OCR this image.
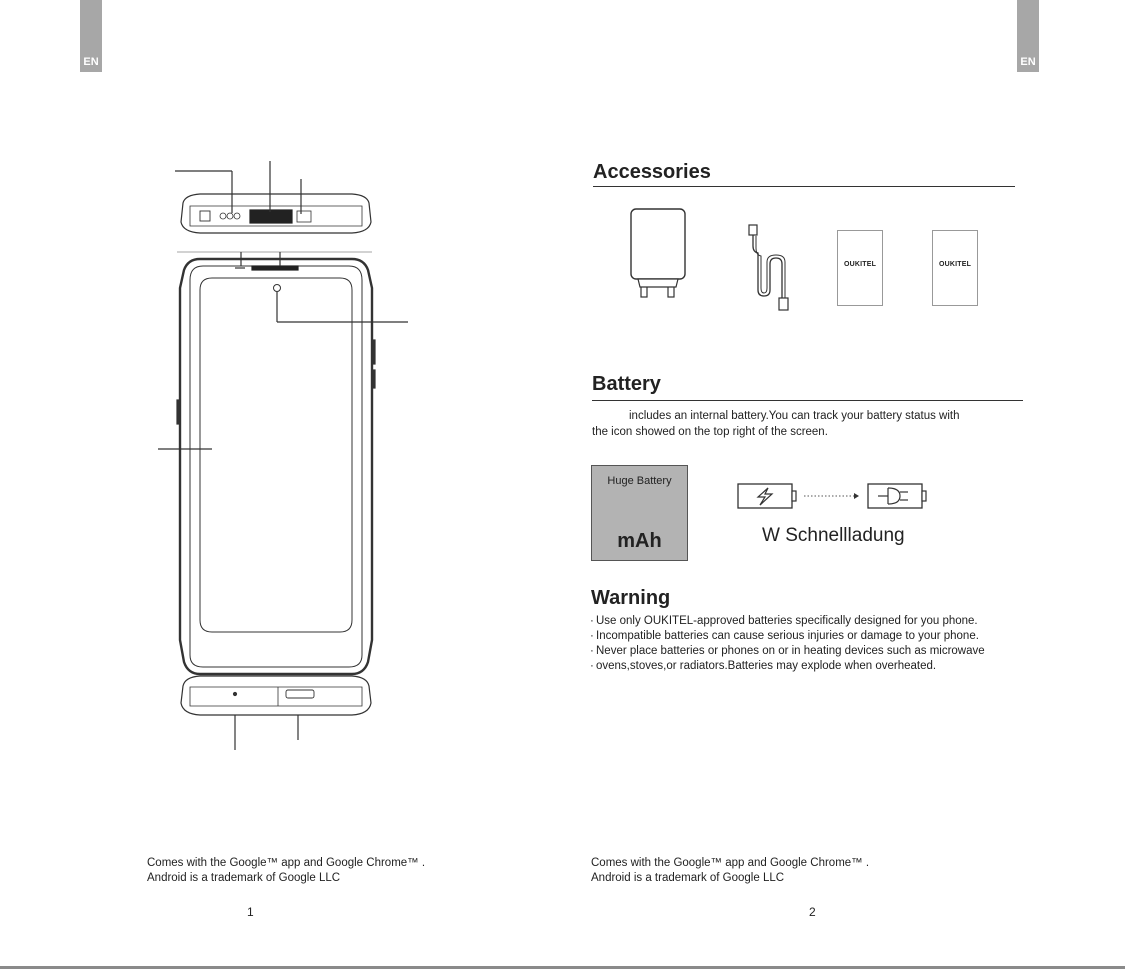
EN	EN
Accessories
OUKITEL	OUKITEL
Battery
includes an internal battery.You can track your battery status with
the icon showed on the top right of the screen.
Huge Battery
mAh	W Schnellladung
Warning
· Use only OUKITEL-approved batteries specifically designed for you phone.
· Incompatible batteries can cause serious injuries or damage to your phone.
· Never place batteries or phones on or in heating devices such as microwave
· ovens,stoves,or radiators.Batteries may explode when overheated.
Comes with the Google™ app and Google Chrome™ .
Android is a trademark of Google LLC
Comes with the Google™ app and Google Chrome™ .
Android is a trademark of Google LLC
1	2
